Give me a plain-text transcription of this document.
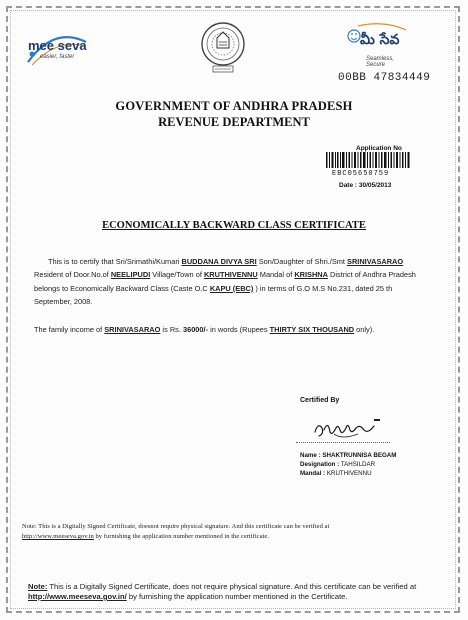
mee seva
easier, faster
మీ సేవ
Seamless, Secure
00BB 47834449
GOVERNMENT OF ANDHRA PRADESH
REVENUE DEPARTMENT
Application No
EBC05650759
Date : 30/05/2013
ECONOMICALLY BACKWARD CLASS CERTIFICATE
This is to certify that Sri/Srimathi/Kumari BUDDANA DIVYA SRI Son/Daughter of Shri./Smt SRINIVASARAO Resident of Door.No.of NEELIPUDI Village/Town of KRUTHIVENNU Mandal of KRISHNA District of Andhra Pradesh belongs to Economically Backward Class (Caste O.C KAPU (EBC) ) in terms of G.O M.S No.231, dated 25 th September, 2008.
The family income of SRINIVASARAO is Rs. 36000/- in words (Rupees THIRTY SIX THOUSAND only).
Certified By
Name : SHAKTRUNNISA BEGAM
Designation : TAHSILDAR
Mandal : KRUTHIVENNU
Note: This is a Digitally Signed Certificate, doesnot require physical signature. And this certificate can be verified at
http://www.meeseva.gov.in by furnishing the application number mentioned in the certificate.
Note: This is a Digitally Signed Certificate, does not require physical signature. And this certificate can be verified at http://www.meeseva.gov.in/ by furnishing the application number mentioned in the Certificate.
